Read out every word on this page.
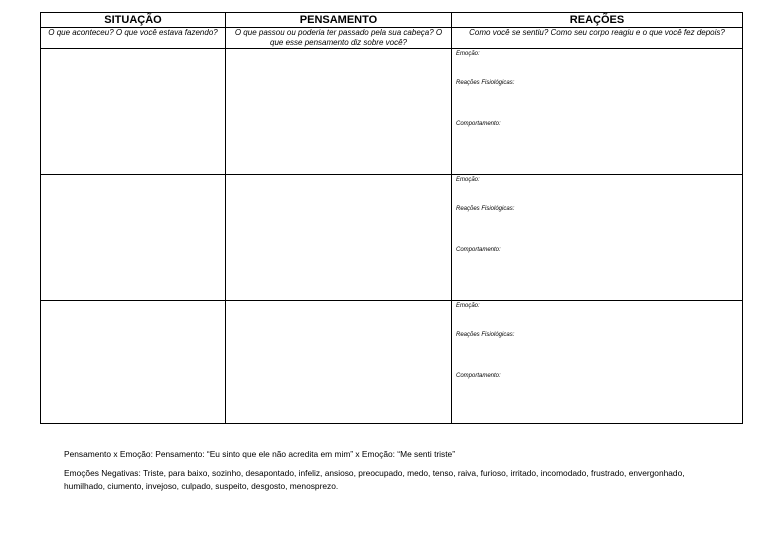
SITUAÇÃO	PENSAMENTO	REAÇÕES
O que aconteceu? O que você estava fazendo?	O que passou ou poderia ter passado pela sua cabeça? O que esse pensamento diz sobre você?	Como você se sentiu? Como seu corpo reagiu e o que você fez depois?

		Emoção:
Reações Fisiológicas:
Comportamento:

		Emoção:
Reações Fisiológicas:
Comportamento:

		Emoção:
Reações Fisiológicas:
Comportamento:
Pensamento x Emoção: Pensamento: “Eu sinto que ele não acredita em mim” x Emoção: “Me senti triste”
Emoções Negativas: Triste, para baixo, sozinho, desapontado, infeliz, ansioso, preocupado, medo, tenso, raiva, furioso, irritado, incomodado, frustrado, envergonhado, humilhado, ciumento, invejoso, culpado, suspeito, desgosto, menosprezo.
